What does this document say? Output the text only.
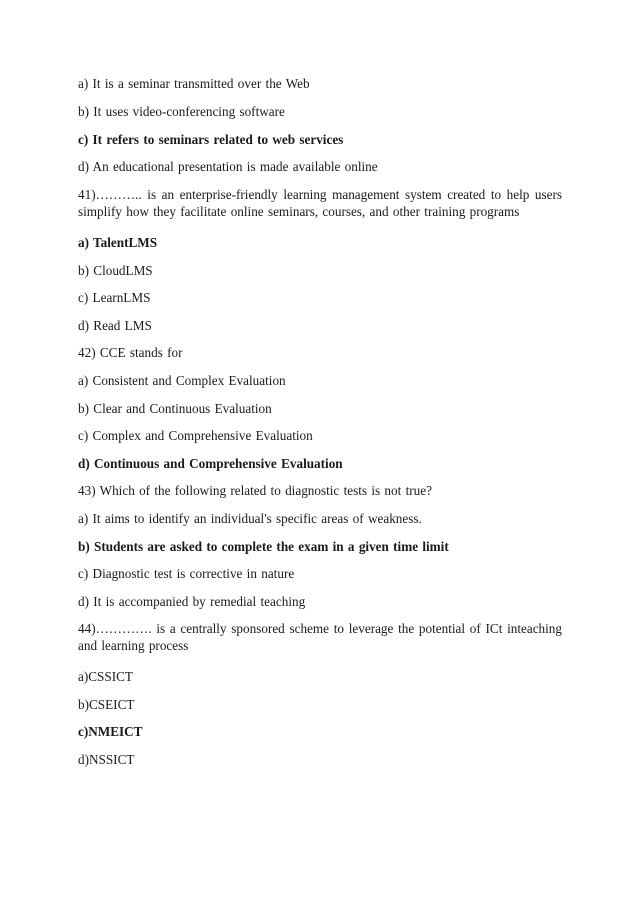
a) It is a seminar transmitted over the Web
b) It uses video-conferencing software
c) It refers to seminars related to web services
d) An educational presentation is made available online
41)……….. is an enterprise-friendly learning management system created to help users simplify how they facilitate online seminars, courses, and other training programs
a) TalentLMS
b) CloudLMS
c) LearnLMS
d) Read LMS
42) CCE stands for
a) Consistent and Complex Evaluation
b) Clear and Continuous Evaluation
c) Complex and Comprehensive Evaluation
d) Continuous and Comprehensive Evaluation
43) Which of the following related to diagnostic tests is not true?
a) It aims to identify an individual's specific areas of weakness.
b) Students are asked to complete the exam in a given time limit
c) Diagnostic test is corrective in nature
d) It is accompanied by remedial teaching
44)…………. is a centrally sponsored scheme to leverage the potential of ICt inteaching and learning process
a)CSSICT
b)CSEICT
c)NMEICT
d)NSSICT
